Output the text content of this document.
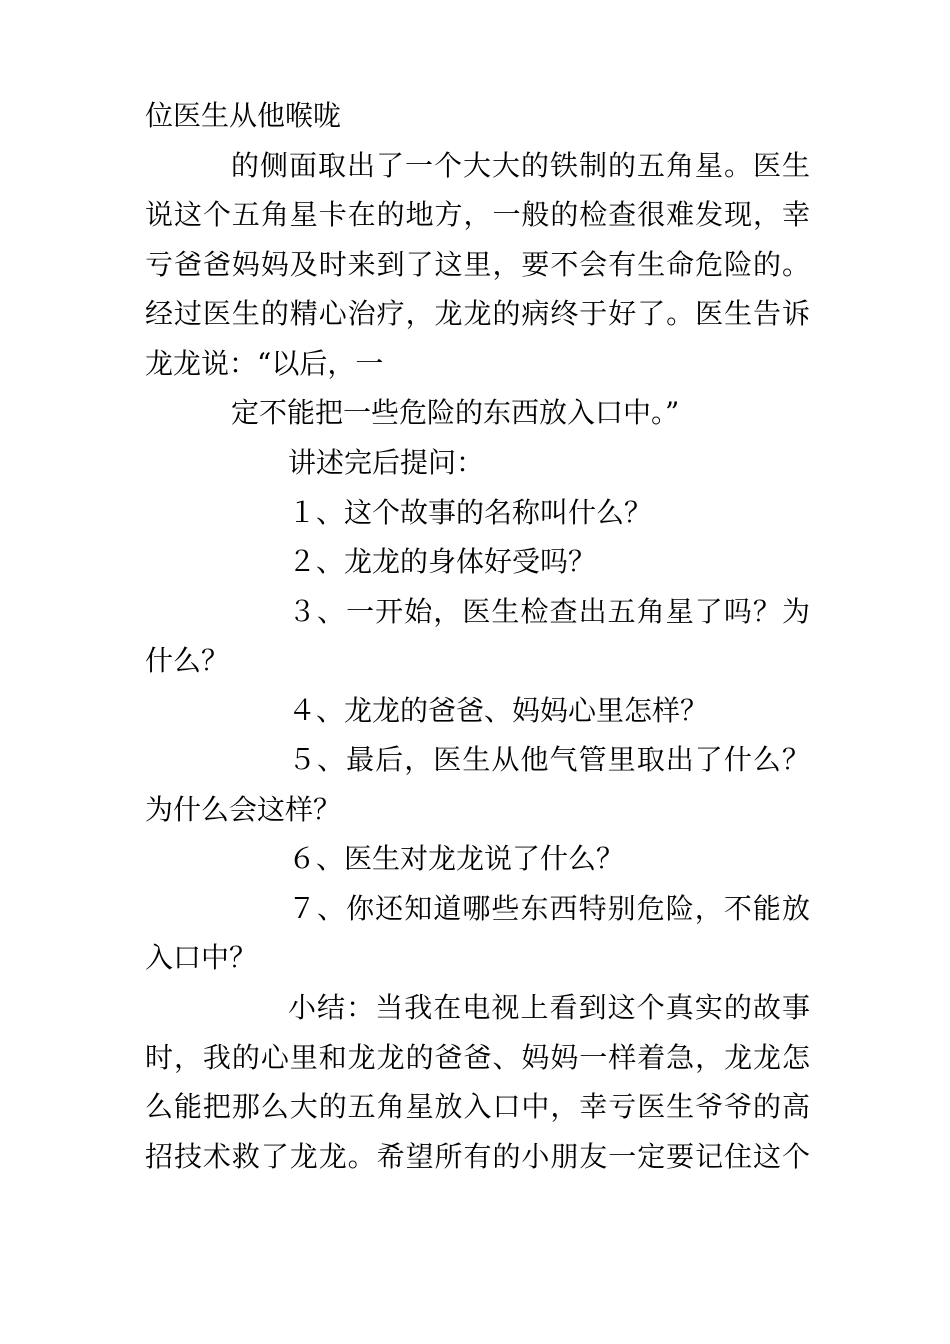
位医生从他喉咙
的侧面取出了一个大大的铁制的五角星。医生
说这个五角星卡在的地方，一般的检查很难发现，幸
亏爸爸妈妈及时来到了这里，要不会有生命危险的。
经过医生的精心治疗，龙龙的病终于好了。医生告诉
龙龙说：“以后，一
定不能把一些危险的东西放入口中。”
讲述完后提问：
１、这个故事的名称叫什么？
２、龙龙的身体好受吗？
３、一开始，医生检查出五角星了吗？为
什么？
４、龙龙的爸爸、妈妈心里怎样？
５、最后，医生从他气管里取出了什么？
为什么会这样？
６、医生对龙龙说了什么？
７、你还知道哪些东西特别危险，不能放
入口中？
小结：当我在电视上看到这个真实的故事
时，我的心里和龙龙的爸爸、妈妈一样着急，龙龙怎
么能把那么大的五角星放入口中，幸亏医生爷爷的高
招技术救了龙龙。希望所有的小朋友一定要记住这个
